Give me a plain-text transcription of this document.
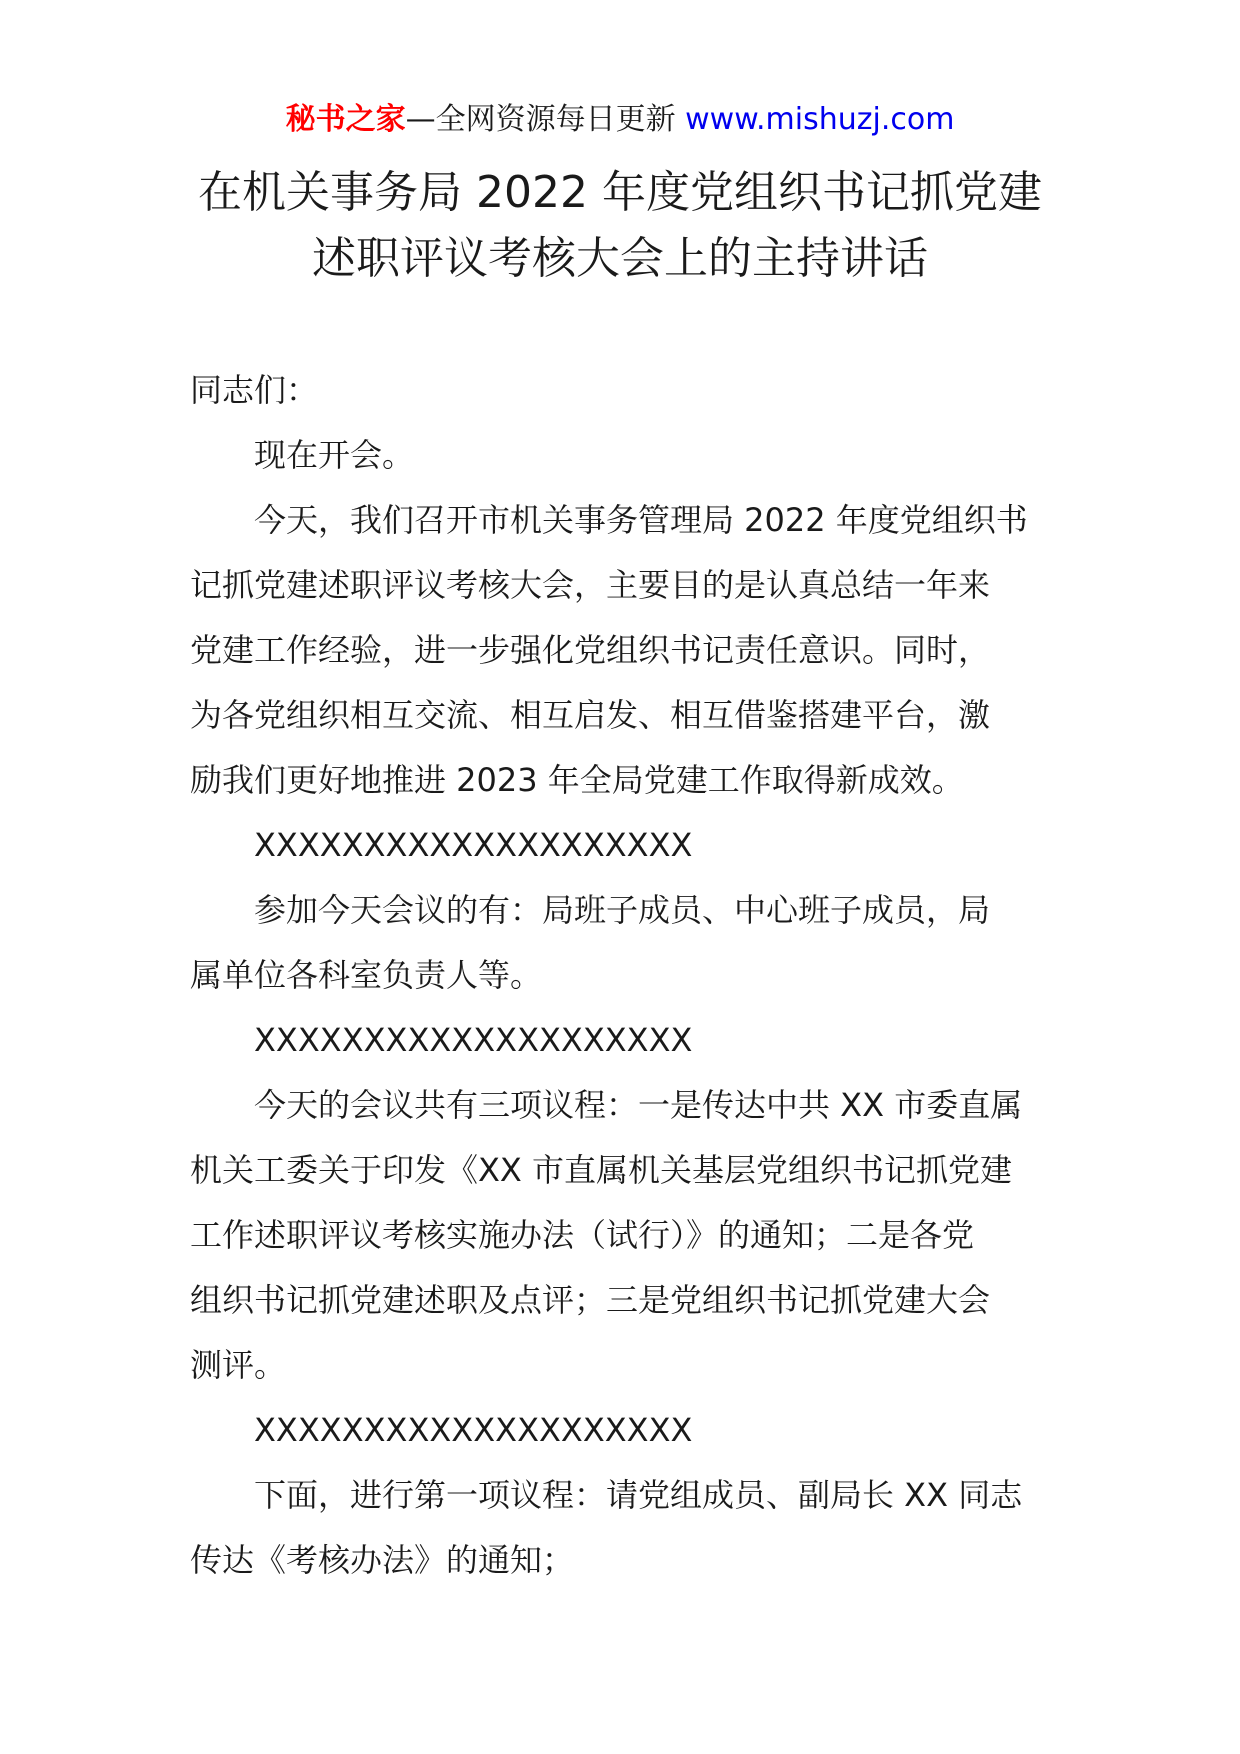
秘书之家—全网资源每日更新 www.mishuzj.com
在机关事务局 2022 年度党组织书记抓党建
述职评议考核大会上的主持讲话
同志们：
现在开会。
今天，我们召开市机关事务管理局 2022 年度党组织书
记抓党建述职评议考核大会，主要目的是认真总结一年来
党建工作经验，进一步强化党组织书记责任意识。同时，
为各党组织相互交流、相互启发、相互借鉴搭建平台，激
励我们更好地推进 2023 年全局党建工作取得新成效。
XXXXXXXXXXXXXXXXXXXX
参加今天会议的有：局班子成员、中心班子成员，局
属单位各科室负责人等。
XXXXXXXXXXXXXXXXXXXX
今天的会议共有三项议程：一是传达中共 XX 市委直属
机关工委关于印发《XX 市直属机关基层党组织书记抓党建
工作述职评议考核实施办法（试行）》的通知；二是各党
组织书记抓党建述职及点评；三是党组织书记抓党建大会
测评。
XXXXXXXXXXXXXXXXXXXX
下面，进行第一项议程：请党组成员、副局长 XX 同志
传达《考核办法》的通知；
